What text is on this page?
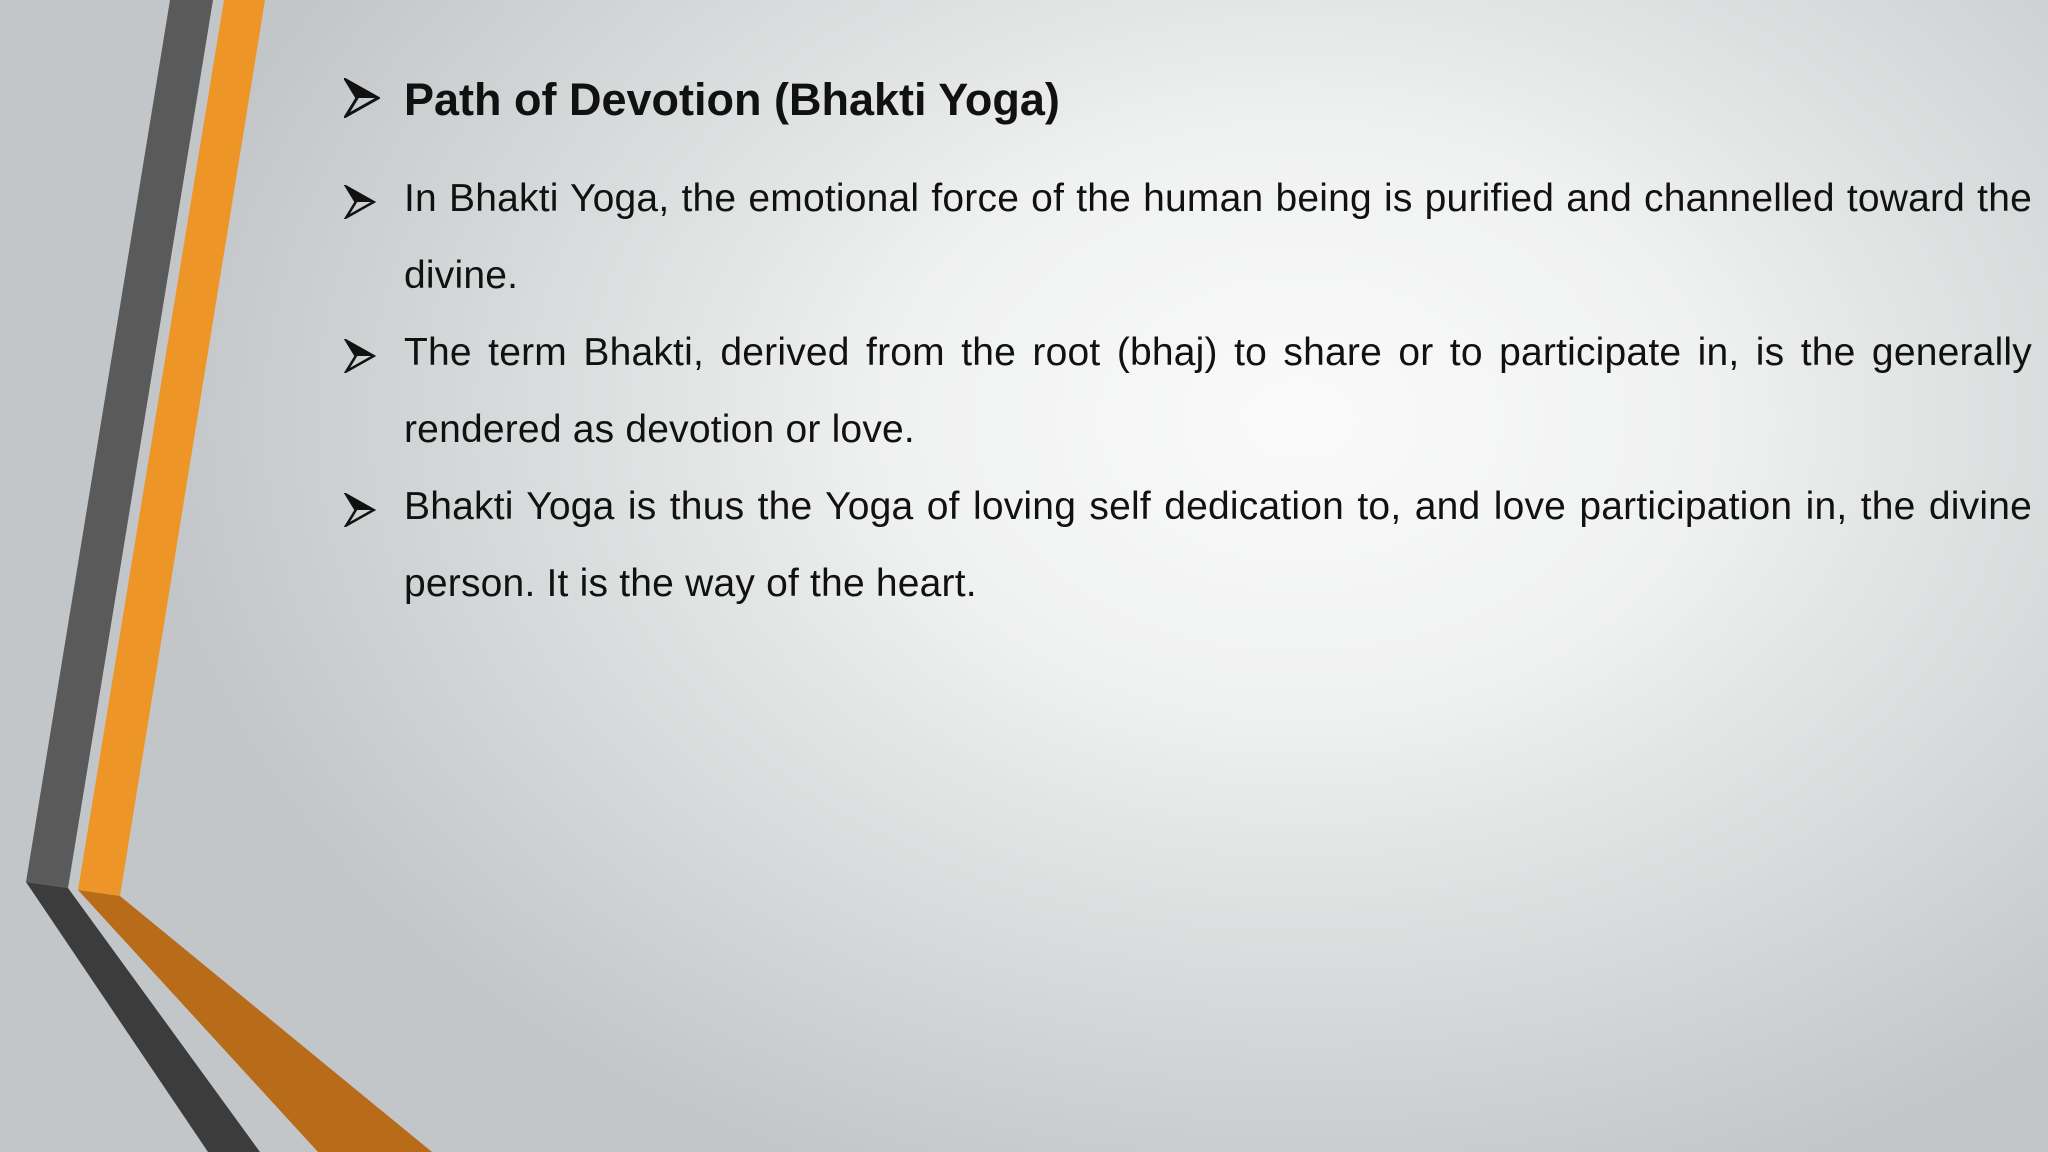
Path of Devotion (Bhakti Yoga)
In Bhakti Yoga, the emotional force of the human being is purified and channelled toward the divine.
The term Bhakti, derived from the root (bhaj) to share or to participate in, is the generally rendered as devotion or love.
Bhakti Yoga is thus the Yoga of loving self dedication to, and love participation in, the divine person. It is the way of the heart.
